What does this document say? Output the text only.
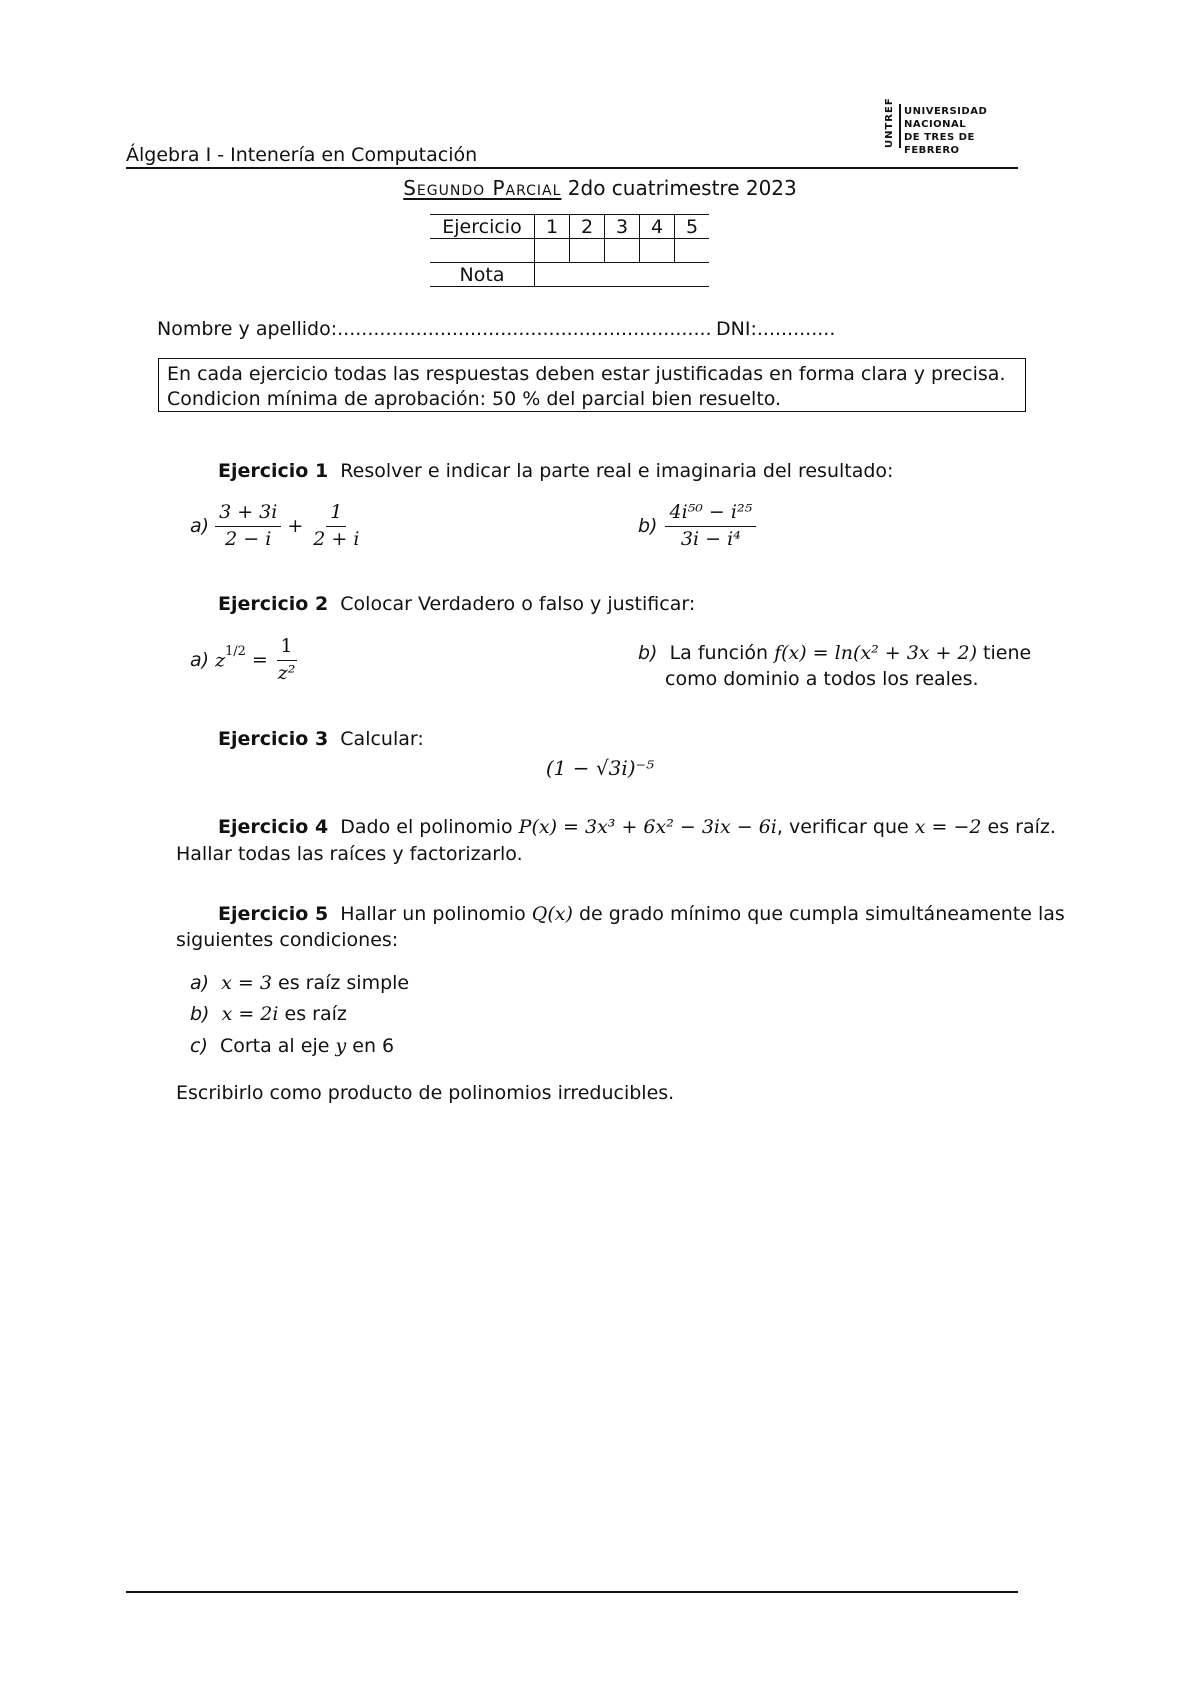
Álgebra I - Intenería en Computación
UNTREF UNIVERSIDAD
NACIONAL
DE TRES DE FEBRERO
Segundo Parcial 2do cuatrimestre 2023
Ejercicio	1	2	3	4	5

Nota					
Nombre y apellido:.............................................................. DNI:.............
En cada ejercicio todas las respuestas deben estar justificadas en forma clara y precisa. Condicion mínima de aprobación: 50 % del parcial bien resuelto.
Ejercicio 1 Resolver e indicar la parte real e imaginaria del resultado:
$a) \frac{3 + 3i}{2 - i} + \frac{1}{2 + i}$	$b) \frac{\text{4i⁵⁰ − i²⁵}}{\text{3i − i⁴}}$
Ejercicio 2 Colocar Verdadero o falso y justificar:
a) $z^{1/2} = \frac{1}{\text{z²}}$	b) La función f(x) = ln(x² + 3x + 2) tiene
como dominio a todos los reales.
Ejercicio 3 Calcular:
(1 − √3i)⁻⁵
Ejercicio 4 Dado el polinomio P(x) = 3x³ + 6x² − 3ix − 6i, verificar que x = −2 es raíz.
Hallar todas las raíces y factorizarlo.
Ejercicio 5 Hallar un polinomio Q(x) de grado mínimo que cumpla simultáneamente las
siguientes condiciones:
a) x = 3 es raíz simple
b) x = 2i es raíz
c) Corta al eje y en 6
Escribirlo como producto de polinomios irreducibles.
